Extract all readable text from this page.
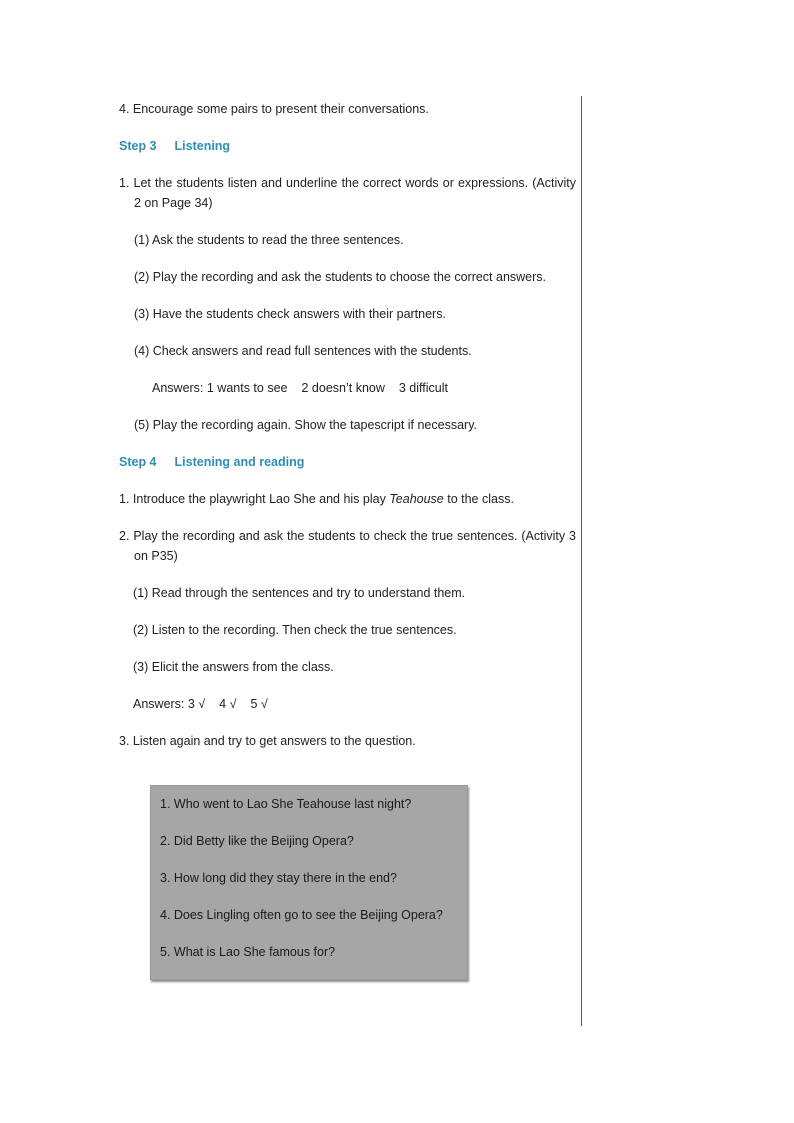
4. Encourage some pairs to present their conversations.

Step 3 Listening

1. Let the students listen and underline the correct words or expressions. (Activity 2 on Page 34)

(1) Ask the students to read the three sentences.

(2) Play the recording and ask the students to choose the correct answers.

(3) Have the students check answers with their partners.

(4) Check answers and read full sentences with the students.

Answers: 1 wants to see 2 doesn’t know 3 difficult

(5) Play the recording again. Show the tapescript if necessary.

Step 4 Listening and reading

1. Introduce the playwright Lao She and his play Teahouse to the class.

2. Play the recording and ask the students to check the true sentences. (Activity 3 on P35)

(1) Read through the sentences and try to understand them.

(2) Listen to the recording. Then check the true sentences.

(3) Elicit the answers from the class.

Answers: 3 √ 4 √ 5 √

3. Listen again and try to get answers to the question.

1. Who went to Lao She Teahouse last night?
2. Did Betty like the Beijing Opera?
3. How long did they stay there in the end?
4. Does Lingling often go to see the Beijing Opera?
5. What is Lao She famous for?
